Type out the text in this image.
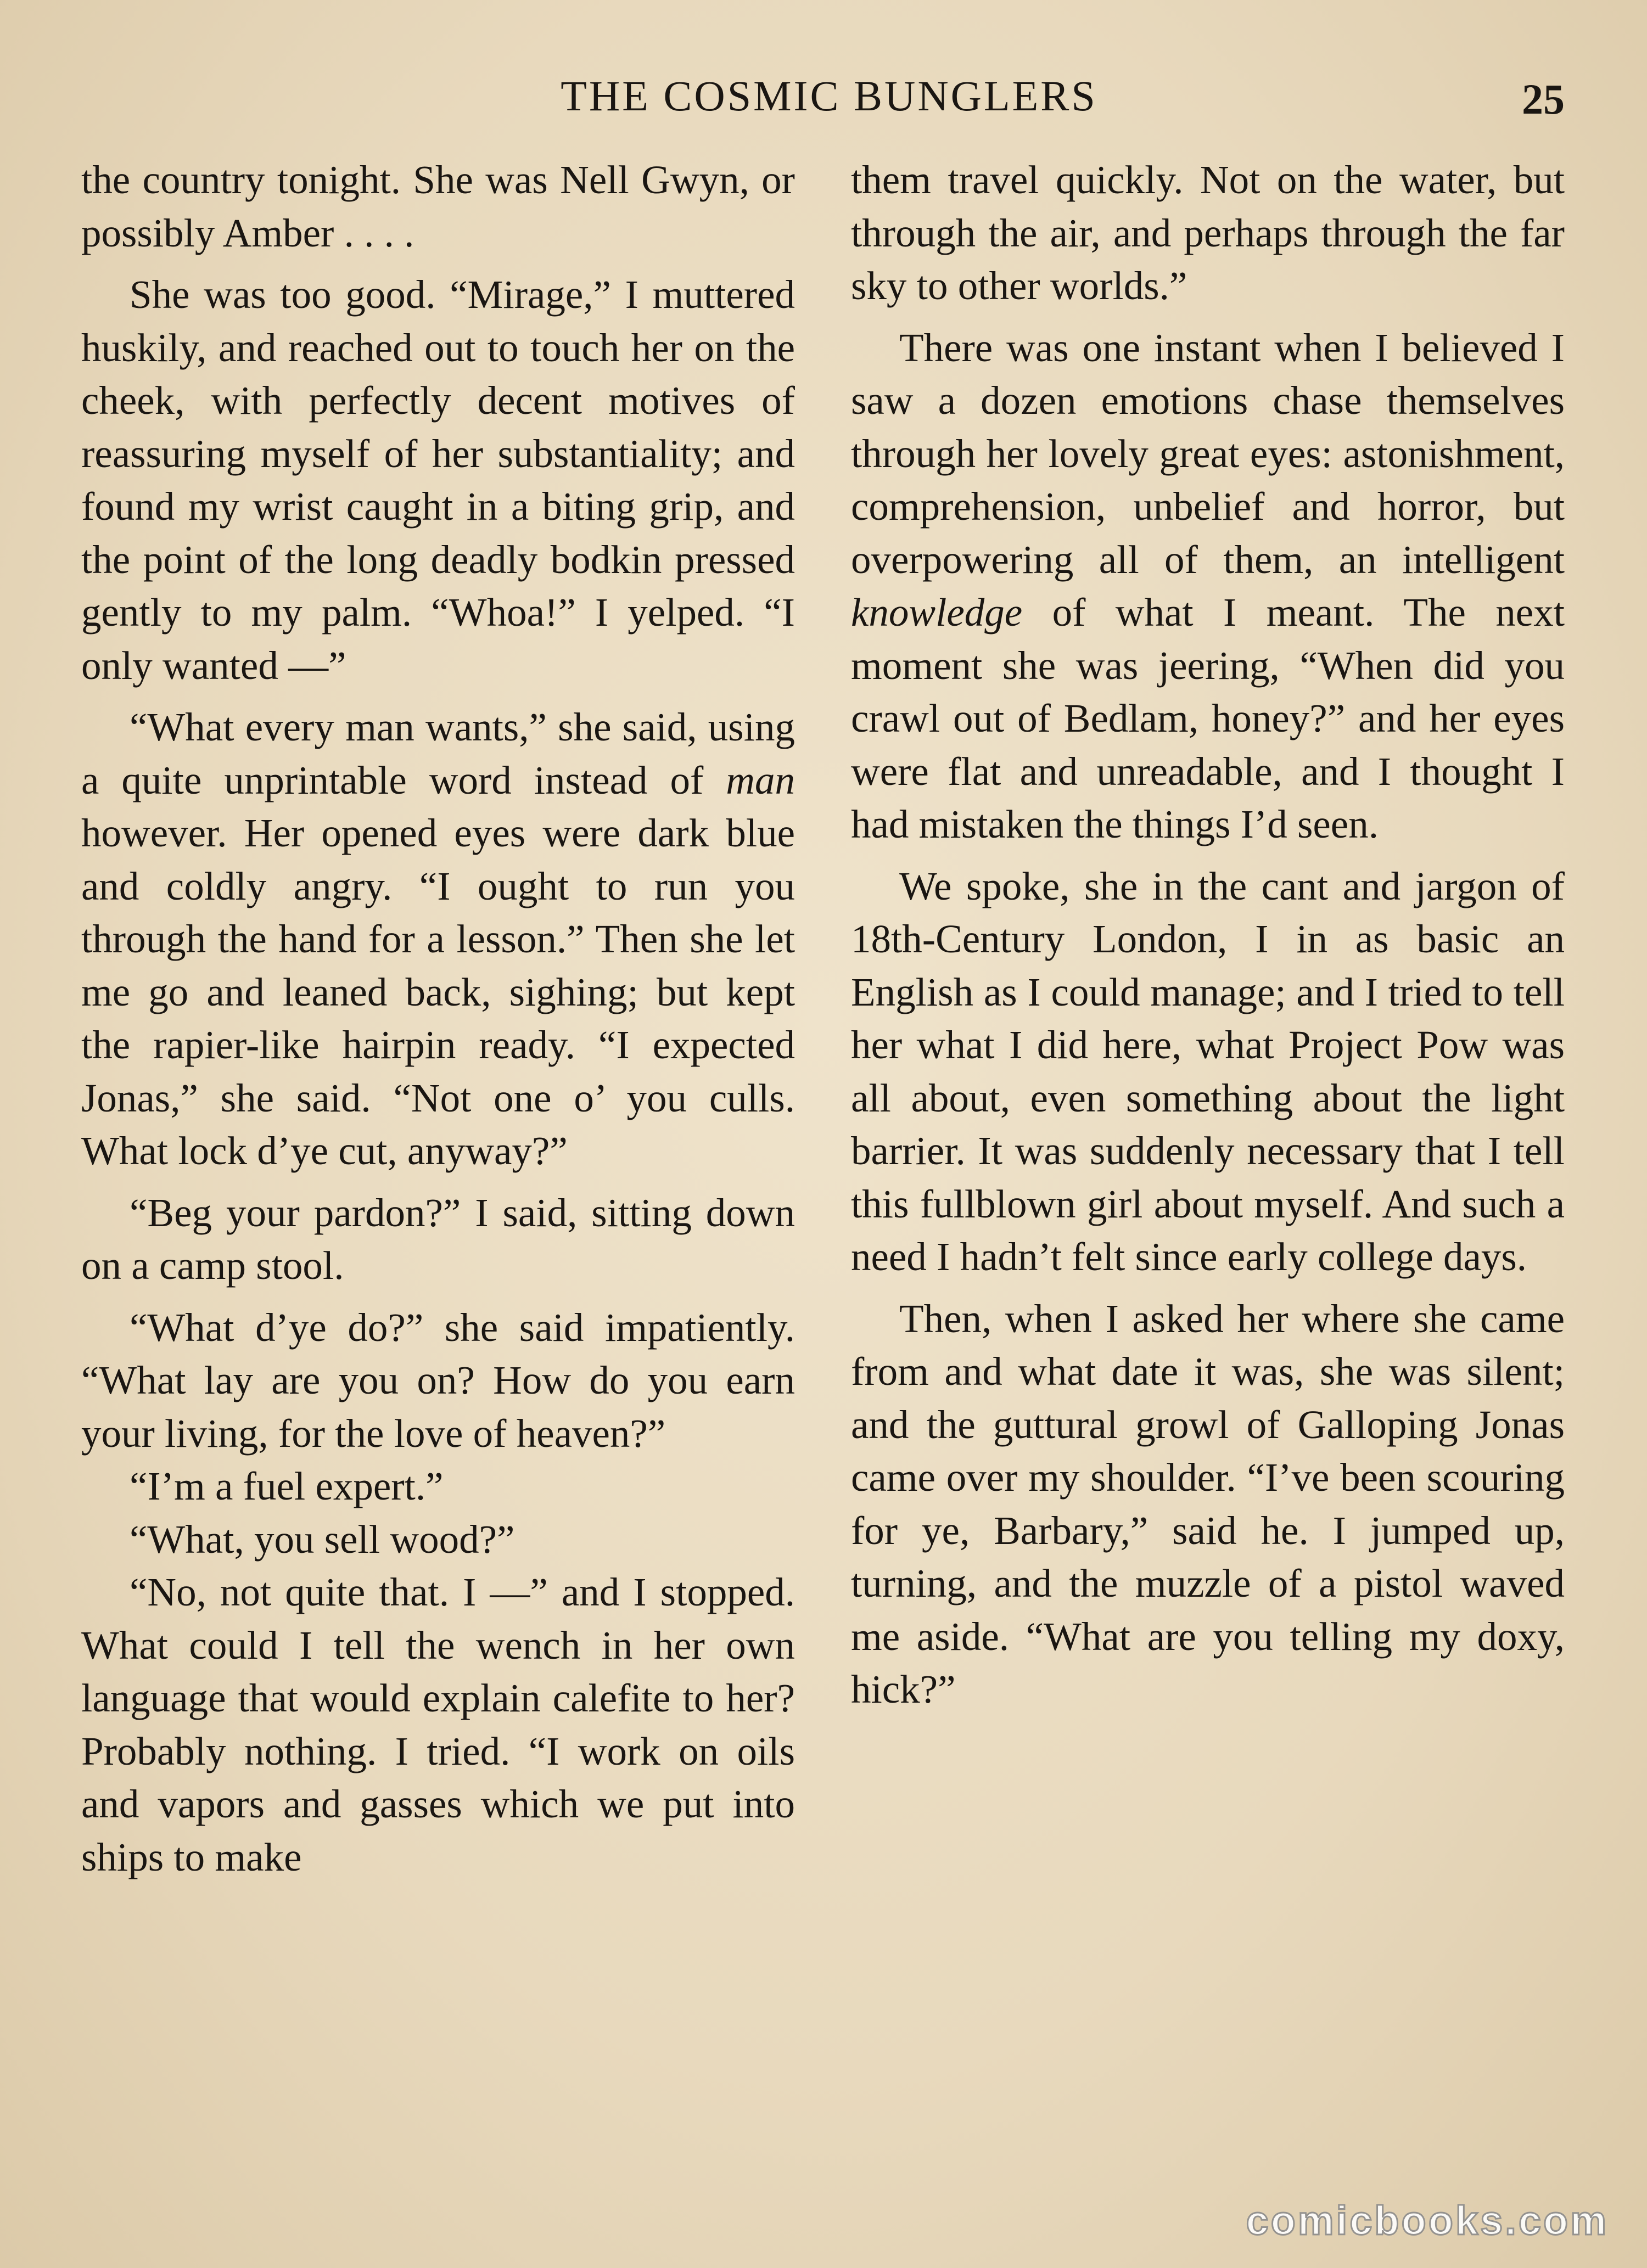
THE COSMIC BUNGLERS	25

the country tonight. She was Nell Gwyn, or possibly Amber . . . .

She was too good. “Mirage,” I muttered huskily, and reached out to touch her on the cheek, with perfectly decent motives of reassuring myself of her substantiality; and found my wrist caught in a biting grip, and the point of the long deadly bodkin pressed gently to my palm. “Whoa!” I yelped. “I only wanted —”

“What every man wants,” she said, using a quite unprintable word instead of man however. Her opened eyes were dark blue and coldly angry. “I ought to run you through the hand for a lesson.” Then she let me go and leaned back, sighing; but kept the rapier-like hairpin ready. “I expected Jonas,” she said. “Not one o’ you culls. What lock d’ye cut, anyway?”

“Beg your pardon?” I said, sitting down on a camp stool.

“What d’ye do?” she said impatiently. “What lay are you on? How do you earn your living, for the love of heaven?”

“I’m a fuel expert.”

“What, you sell wood?”

“No, not quite that. I —” and I stopped. What could I tell the wench in her own language that would explain calefite to her? Probably nothing. I tried. “I work on oils and vapors and gasses which we put into ships to make

them travel quickly. Not on the water, but through the air, and perhaps through the far sky to other worlds.”

There was one instant when I believed I saw a dozen emotions chase themselves through her lovely great eyes: astonishment, comprehension, unbelief and horror, but overpowering all of them, an intelligent knowledge of what I meant. The next moment she was jeering, “When did you crawl out of Bedlam, honey?” and her eyes were flat and unreadable, and I thought I had mistaken the things I’d seen.

We spoke, she in the cant and jargon of 18th-Century London, I in as basic an English as I could manage; and I tried to tell her what I did here, what Project Pow was all about, even something about the light barrier. It was suddenly necessary that I tell this fullblown girl about myself. And such a need I hadn’t felt since early college days.

Then, when I asked her where she came from and what date it was, she was silent; and the guttural growl of Galloping Jonas came over my shoulder. “I’ve been scouring for ye, Barbary,” said he. I jumped up, turning, and the muzzle of a pistol waved me aside. “What are you telling my doxy, hick?”

comicbooks.com
